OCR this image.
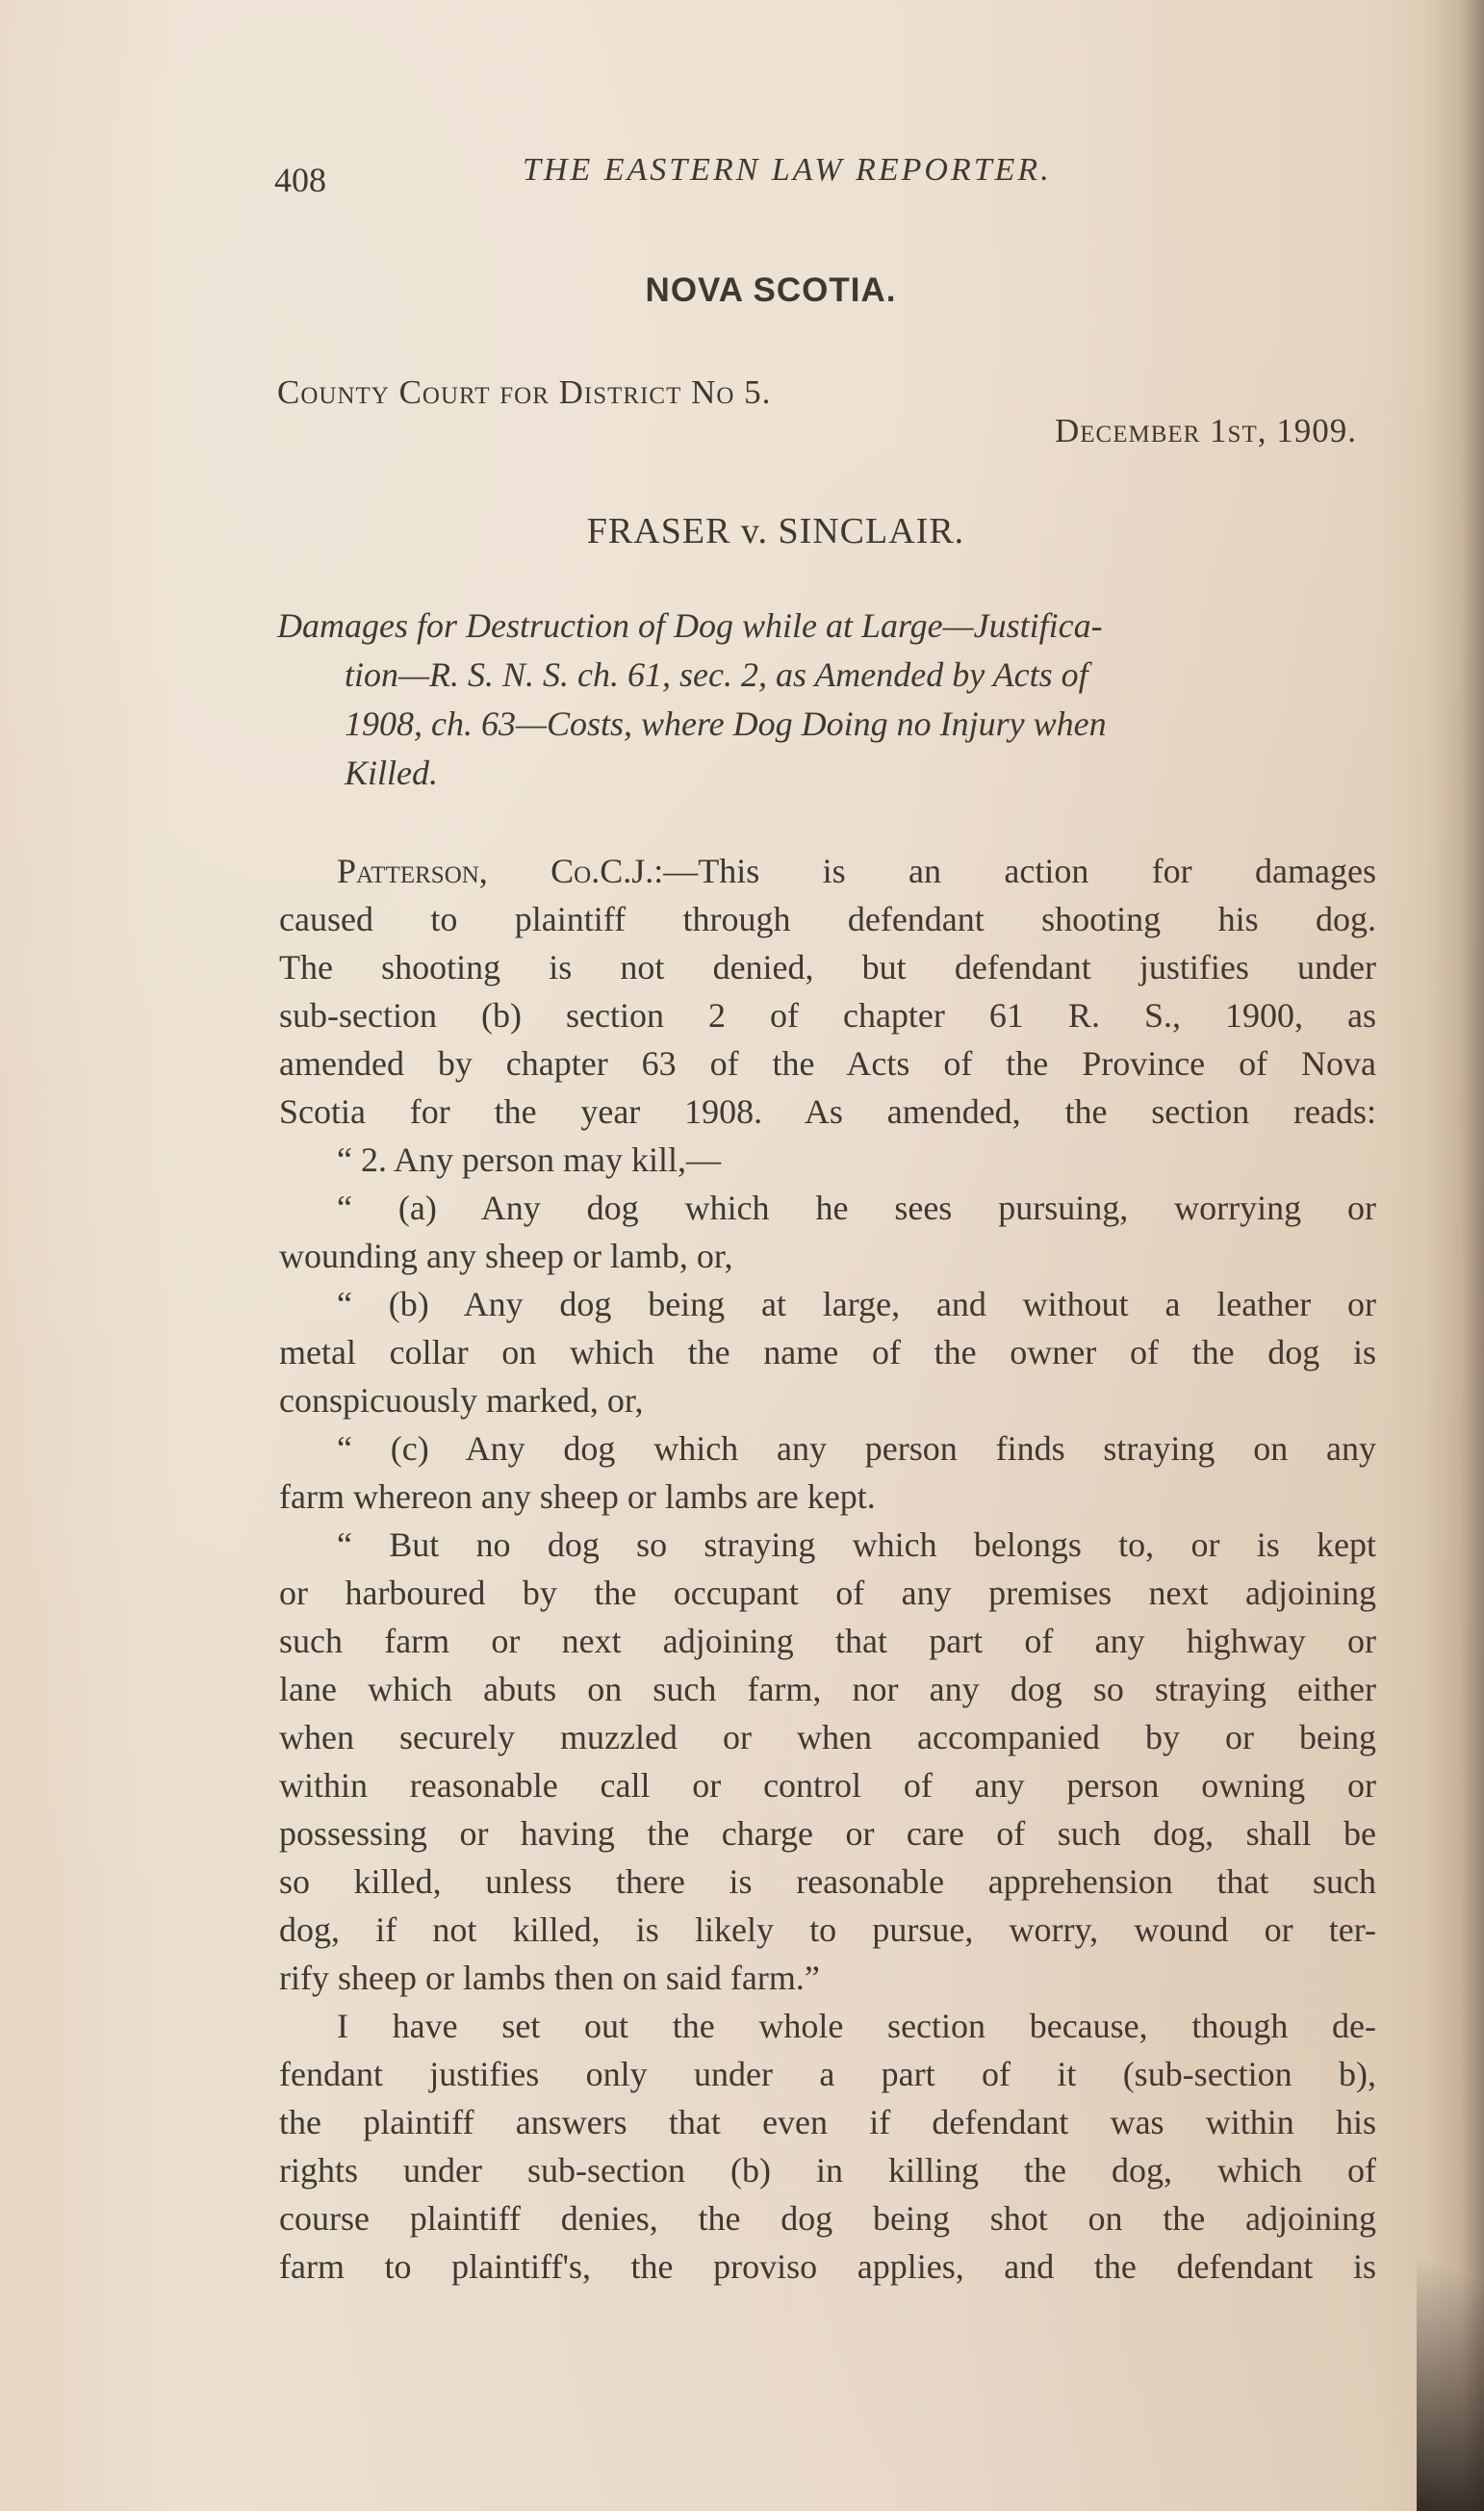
408	THE EASTERN LAW REPORTER.
NOVA SCOTIA.
County Court for District No 5.
December 1st, 1909.
FRASER v. SINCLAIR.
Damages for Destruction of Dog while at Large—Justifica-
tion—R. S. N. S. ch. 61, sec. 2, as Amended by Acts of
1908, ch. 63—Costs, where Dog Doing no Injury when
Killed.
Patterson, Co.C.J.:—This is an action for damages
caused to plaintiff through defendant shooting his dog.
The shooting is not denied, but defendant justifies under
sub-section (b) section 2 of chapter 61 R. S., 1900, as
amended by chapter 63 of the Acts of the Province of Nova
Scotia for the year 1908. As amended, the section reads:
“ 2. Any person may kill,—
“ (a) Any dog which he sees pursuing, worrying or
wounding any sheep or lamb, or,
“ (b) Any dog being at large, and without a leather or
metal collar on which the name of the owner of the dog is
conspicuously marked, or,
“ (c) Any dog which any person finds straying on any
farm whereon any sheep or lambs are kept.
“ But no dog so straying which belongs to, or is kept
or harboured by the occupant of any premises next adjoining
such farm or next adjoining that part of any highway or
lane which abuts on such farm, nor any dog so straying either
when securely muzzled or when accompanied by or being
within reasonable call or control of any person owning or
possessing or having the charge or care of such dog, shall be
so killed, unless there is reasonable apprehension that such
dog, if not killed, is likely to pursue, worry, wound or ter-
rify sheep or lambs then on said farm.”
I have set out the whole section because, though de-
fendant justifies only under a part of it (sub-section b),
the plaintiff answers that even if defendant was within his
rights under sub-section (b) in killing the dog, which of
course plaintiff denies, the dog being shot on the adjoining
farm to plaintiff's, the proviso applies, and the defendant is
